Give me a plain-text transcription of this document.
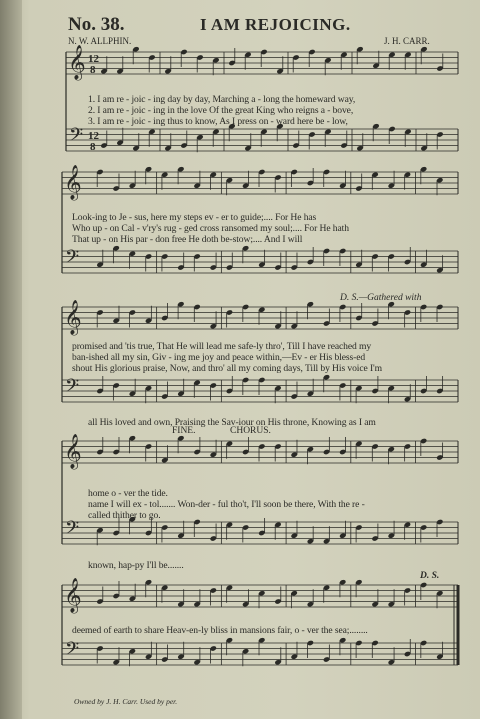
No. 38.	I AM REJOICING.
N. W. ALLPHIN.	J. H. CARR.
𝄞
𝄢
12
8
12
8
𝄞
𝄢
𝄞
𝄢
𝄞
𝄢
𝄞
𝄢
1. I am re - joic - ing day by day, Marching a - long the homeward way,
2. I am re - joic - ing in the love Of the great King who reigns a - bove,
3. I am re - joic - ing thus to know, As I press on - ward here be - low,
Look-ing to Je - sus, here my steps ev - er to guide;.... For He has
Who up - on Cal - v'ry's rug - ged cross ransomed my soul;.... For He hath
That up - on His par - don free He doth be-stow;.... And I will
D. S.—Gathered with
promised and 'tis true, That He will lead me safe-ly thro', Till I have reached my
ban-ished all my sin, Giv - ing me joy and peace within,—Ev - er His bless-ed
shout His glorious praise, Now, and thro' all my coming days, Till by His voice I'm
all His loved and own, Praising the Sav-iour on His throne, Knowing as I am
FINE.	CHORUS.
home o - ver the tide.
name I will ex - tol....... Won-der - ful tho't, I'll soon be there, With the re -
called thither to go.
known, hap-py I'll be.......
D. S.
deemed of earth to share Heav-en-ly bliss in mansions fair, o - ver the sea;........
Owned by J. H. Carr. Used by per.
